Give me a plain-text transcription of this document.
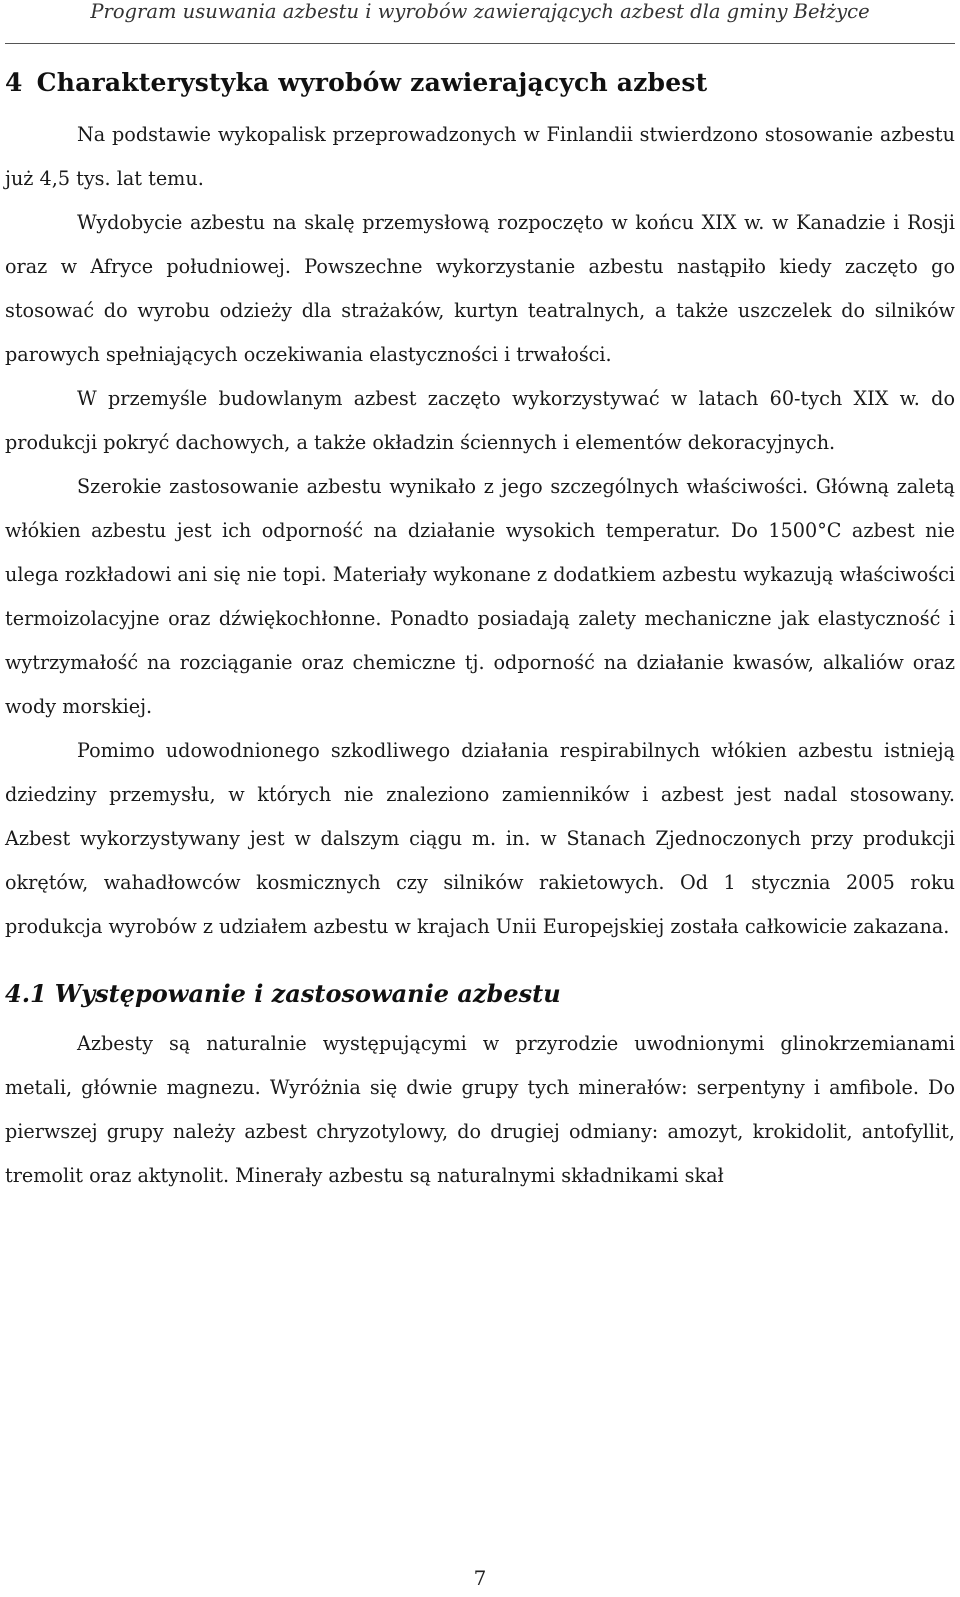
Program usuwania azbestu i wyrobów zawierających azbest dla gminy Bełżyce
4 Charakterystyka wyrobów zawierających azbest

Na podstawie wykopalisk przeprowadzonych w Finlandii stwierdzono stosowanie azbestu już 4,5 tys. lat temu.

Wydobycie azbestu na skalę przemysłową rozpoczęto w końcu XIX w. w Kanadzie i Rosji oraz w Afryce południowej. Powszechne wykorzystanie azbestu nastąpiło kiedy zaczęto go stosować do wyrobu odzieży dla strażaków, kurtyn teatralnych, a także uszczelek do silników parowych spełniających oczekiwania elastyczności i trwałości.

W przemyśle budowlanym azbest zaczęto wykorzystywać w latach 60-tych XIX w. do produkcji pokryć dachowych, a także okładzin ściennych i elementów dekoracyjnych.

Szerokie zastosowanie azbestu wynikało z jego szczególnych właściwości. Główną zaletą włókien azbestu jest ich odporność na działanie wysokich temperatur. Do 1500°C azbest nie ulega rozkładowi ani się nie topi. Materiały wykonane z dodatkiem azbestu wykazują właściwości termoizolacyjne oraz dźwiękochłonne. Ponadto posiadają zalety mechaniczne jak elastyczność i wytrzymałość na rozciąganie oraz chemiczne tj. odporność na działanie kwasów, alkaliów oraz wody morskiej.

Pomimo udowodnionego szkodliwego działania respirabilnych włókien azbestu istnieją dziedziny przemysłu, w których nie znaleziono zamienników i azbest jest nadal stosowany. Azbest wykorzystywany jest w dalszym ciągu m. in. w Stanach Zjednoczonych przy produkcji okrętów, wahadłowców kosmicznych czy silników rakietowych. Od 1 stycznia 2005 roku produkcja wyrobów z udziałem azbestu w krajach Unii Europejskiej została całkowicie zakazana.

4.1 Występowanie i zastosowanie azbestu

Azbesty są naturalnie występującymi w przyrodzie uwodnionymi glinokrzemianami metali, głównie magnezu. Wyróżnia się dwie grupy tych minerałów: serpentyny i amfibole. Do pierwszej grupy należy azbest chryzotylowy, do drugiej odmiany: amozyt, krokidolit, antofyllit, tremolit oraz aktynolit. Minerały azbestu są naturalnymi składnikami skał

7
